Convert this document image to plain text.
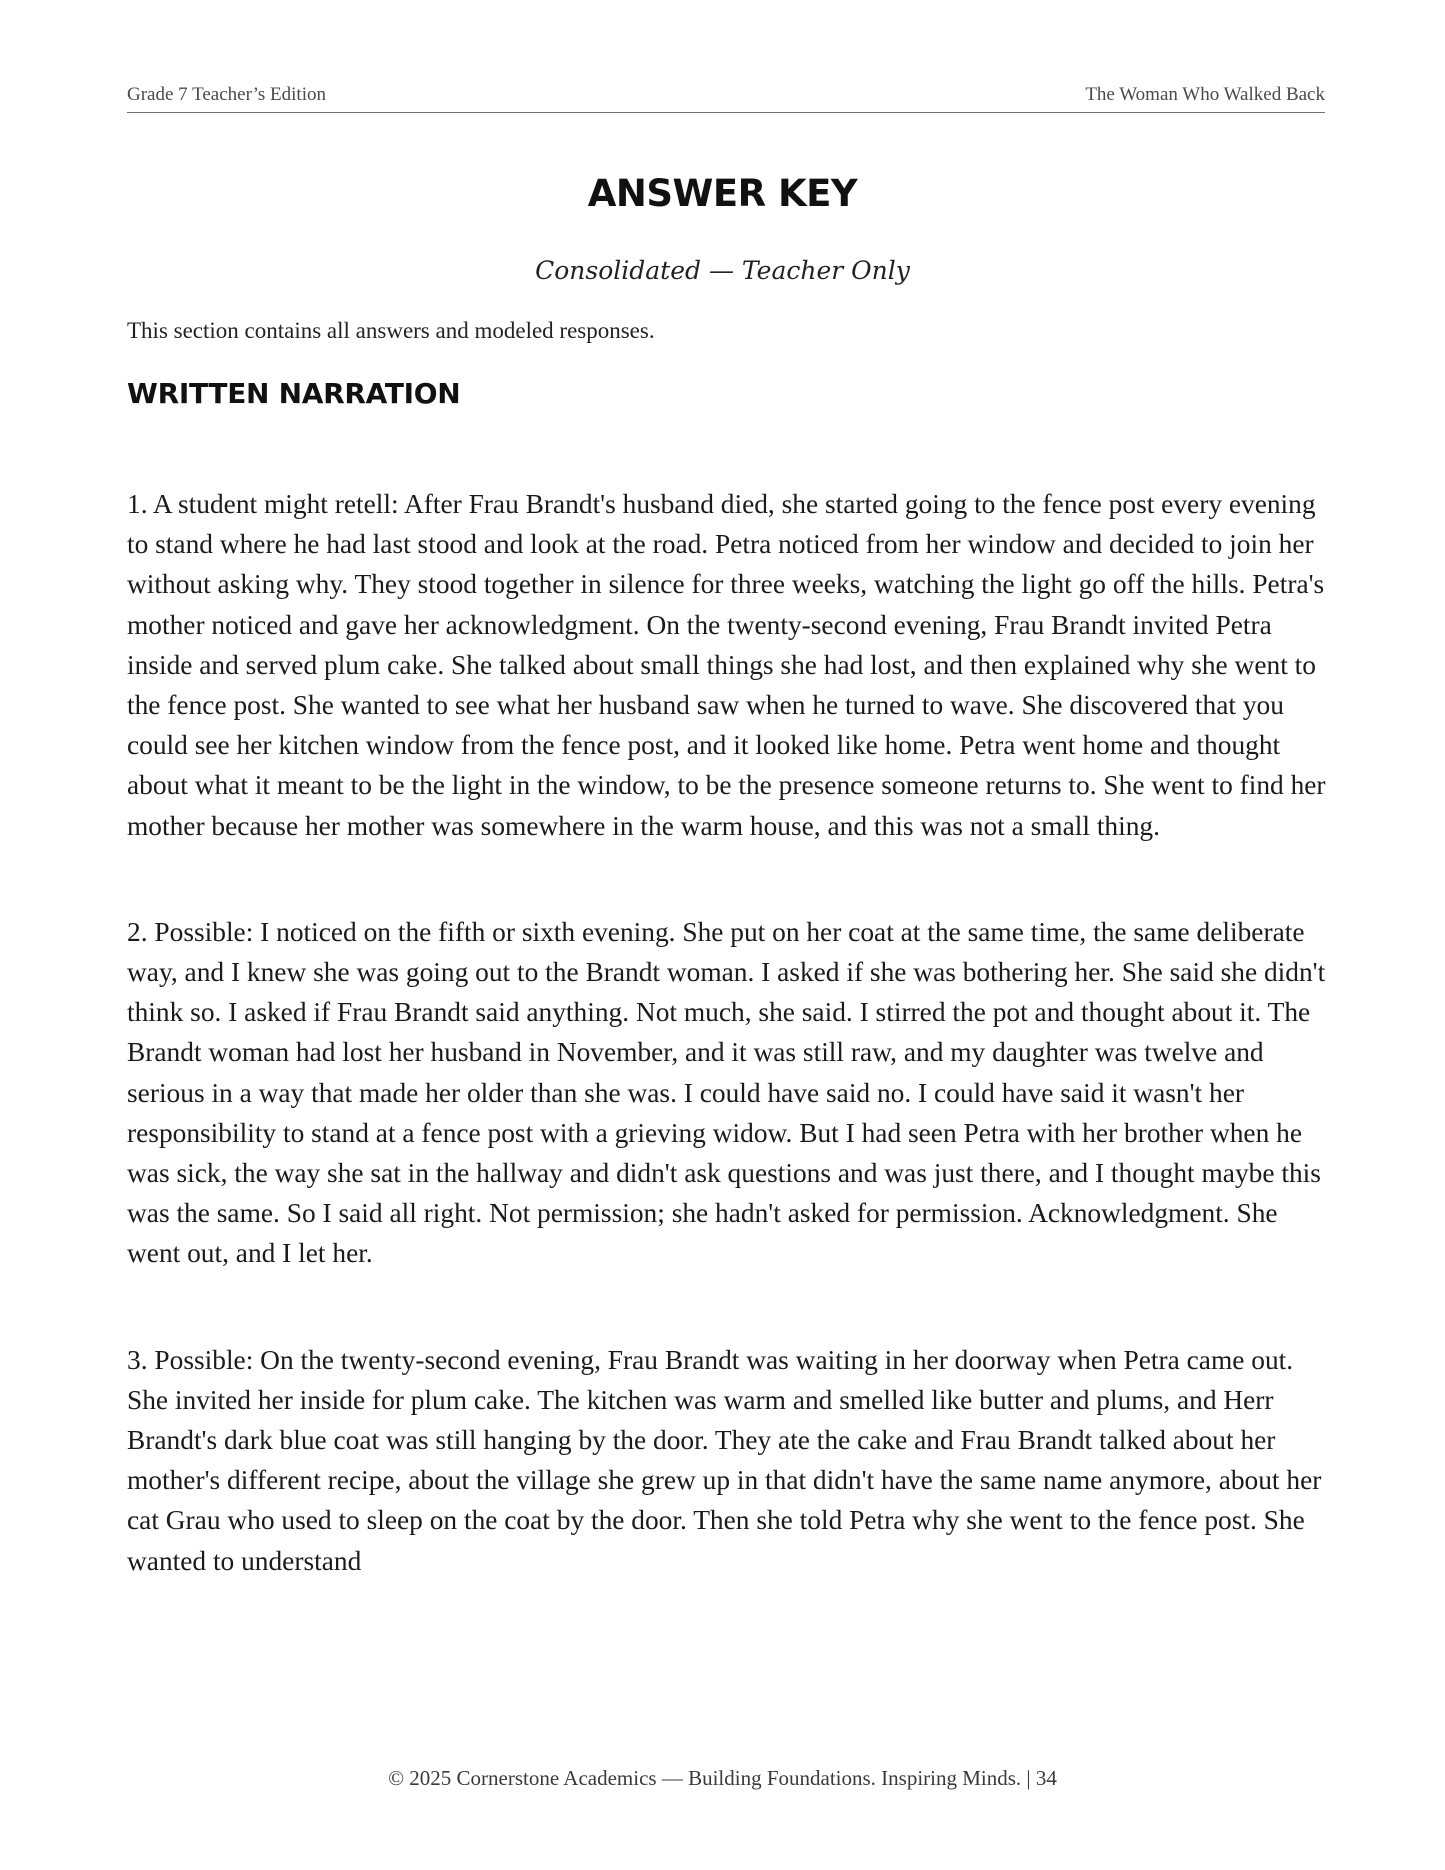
Grade 7 Teacher’s Edition	The Woman Who Walked Back
ANSWER KEY

Consolidated — Teacher Only

This section contains all answers and modeled responses.

WRITTEN NARRATION

1. A student might retell: After Frau Brandt's husband died, she started going to the fence post every evening to stand where he had last stood and look at the road. Petra noticed from her window and decided to join her without asking why. They stood together in silence for three weeks, watching the light go off the hills. Petra's mother noticed and gave her acknowledgment. On the twenty-second evening, Frau Brandt invited Petra inside and served plum cake. She talked about small things she had lost, and then explained why she went to the fence post. She wanted to see what her husband saw when he turned to wave. She discovered that you could see her kitchen window from the fence post, and it looked like home. Petra went home and thought about what it meant to be the light in the window, to be the presence someone returns to. She went to find her mother because her mother was somewhere in the warm house, and this was not a small thing.

2. Possible: I noticed on the fifth or sixth evening. She put on her coat at the same time, the same deliberate way, and I knew she was going out to the Brandt woman. I asked if she was bothering her. She said she didn't think so. I asked if Frau Brandt said anything. Not much, she said. I stirred the pot and thought about it. The Brandt woman had lost her husband in November, and it was still raw, and my daughter was twelve and serious in a way that made her older than she was. I could have said no. I could have said it wasn't her responsibility to stand at a fence post with a grieving widow. But I had seen Petra with her brother when he was sick, the way she sat in the hallway and didn't ask questions and was just there, and I thought maybe this was the same. So I said all right. Not permission; she hadn't asked for permission. Acknowledgment. She went out, and I let her.

3. Possible: On the twenty-second evening, Frau Brandt was waiting in her doorway when Petra came out. She invited her inside for plum cake. The kitchen was warm and smelled like butter and plums, and Herr Brandt's dark blue coat was still hanging by the door. They ate the cake and Frau Brandt talked about her mother's different recipe, about the village she grew up in that didn't have the same name anymore, about her cat Grau who used to sleep on the coat by the door. Then she told Petra why she went to the fence post. She wanted to understand

© 2025 Cornerstone Academics — Building Foundations. Inspiring Minds. | 34
